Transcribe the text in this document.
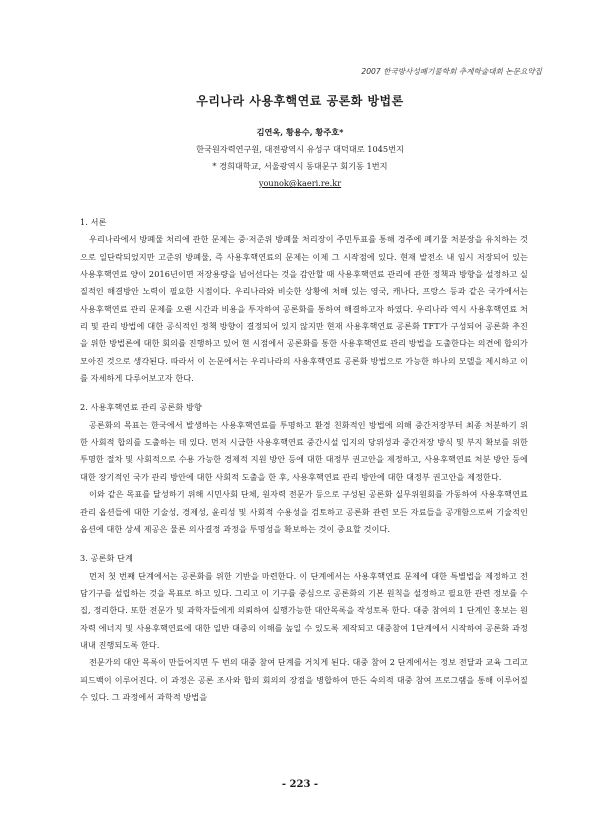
2007 한국방사성폐기물학회 추계학술대회 논문요약집
우리나라 사용후핵연료 공론화 방법론
김연옥, 황용수, 황주호*
한국원자력연구원, 대전광역시 유성구 대덕대로 1045번지
* 경희대학교, 서울광역시 동대문구 회기동 1번지
younok@kaeri.re.kr
1. 서론

우리나라에서 방폐물 처리에 관한 문제는 중·저준위 방폐물 처리장이 주민투표를 통해 경주에 폐기물 처분장을 유치하는 것으로 일단락되었지만 고준위 방폐물, 즉 사용후핵연료의 문제는 이제 그 시작점에 있다. 현재 발전소 내 임시 저장되어 있는 사용후핵연료 양이 2016년이면 저장용량을 넘어선다는 것을 감안할 때 사용후핵연료 관리에 관한 정책과 방향을 설정하고 실질적인 해결방안 노력이 필요한 시점이다. 우리나라와 비슷한 상황에 처해 있는 영국, 캐나다, 프랑스 등과 같은 국가에서는 사용후핵연료 관리 문제를 오랜 시간과 비용을 투자하여 공론화를 통하여 해결하고자 하였다. 우리나라 역시 사용후핵연료 처리 및 관리 방법에 대한 공식적인 정책 방향이 결정되어 있지 않지만 현재 사용후핵연료 공론화 TFT가 구성되어 공론화 추진을 위한 방법론에 대한 회의를 진행하고 있어 현 시점에서 공론화를 통한 사용후핵연료 관리 방법을 도출한다는 의견에 합의가 모아진 것으로 생각된다. 따라서 이 논문에서는 우리나라의 사용후핵연료 공론화 방법으로 가능한 하나의 모델을 제시하고 이를 자세하게 다루어보고자 한다.

2. 사용후핵연료 관리 공론화 방향

공론화의 목표는 한국에서 발생하는 사용후핵연료를 투명하고 환경 친화적인 방법에 의해 중간저장부터 최종 처분하기 위한 사회적 합의를 도출하는 데 있다. 먼저 시급한 사용후핵연료 중간시설 입지의 당위성과 중간저장 방식 및 부지 확보를 위한 투명한 절차 및 사회적으로 수용 가능한 경제적 지원 방안 등에 대한 대정부 권고안을 제정하고, 사용후핵연료 처분 방안 등에 대한 장기적인 국가 관리 방안에 대한 사회적 도출을 한 후, 사용후핵연료 관리 방안에 대한 대정부 권고안을 제정한다.

이와 같은 목표를 달성하기 위해 시민사회 단체, 원자력 전문가 등으로 구성된 공론화 실무위원회를 가동하여 사용후핵연료 관리 옵션들에 대한 기술성, 경제성, 윤리성 및 사회적 수용성을 검토하고 공론화 관련 모든 자료들을 공개함으로써 기술적인 옵션에 대한 상세 제공은 물론 의사결정 과정을 투명성을 확보하는 것이 중요할 것이다.

3. 공론화 단계

먼저 첫 번째 단계에서는 공론화를 위한 기반을 마련한다. 이 단계에서는 사용후핵연료 문제에 대한 특별법을 제정하고 전담기구를 설립하는 것을 목표로 하고 있다. 그리고 이 기구를 중심으로 공론화의 기본 원칙을 설정하고 필요한 관련 정보를 수집, 정리한다. 또한 전문가 및 과학자들에게 의뢰하여 실행가능한 대안목록을 작성토록 한다. 대중 참여의 1 단계인 홍보는 원자력 에너지 및 사용후핵연료에 대한 일반 대중의 이해를 높일 수 있도록 제작되고 대중참여 1단계에서 시작하여 공론화 과정 내내 진행되도록 한다.

전문가의 대안 목록이 만들어지면 두 번의 대중 참여 단계를 거치게 된다. 대중 참여 2 단계에서는 정보 전달과 교육 그리고 피드백이 이루어진다. 이 과정은 공론 조사와 합의 회의의 장점을 병합하여 만든 숙의적 대중 참여 프로그램을 통해 이루어질 수 있다. 그 과정에서 과학적 방법을

- 223 -
